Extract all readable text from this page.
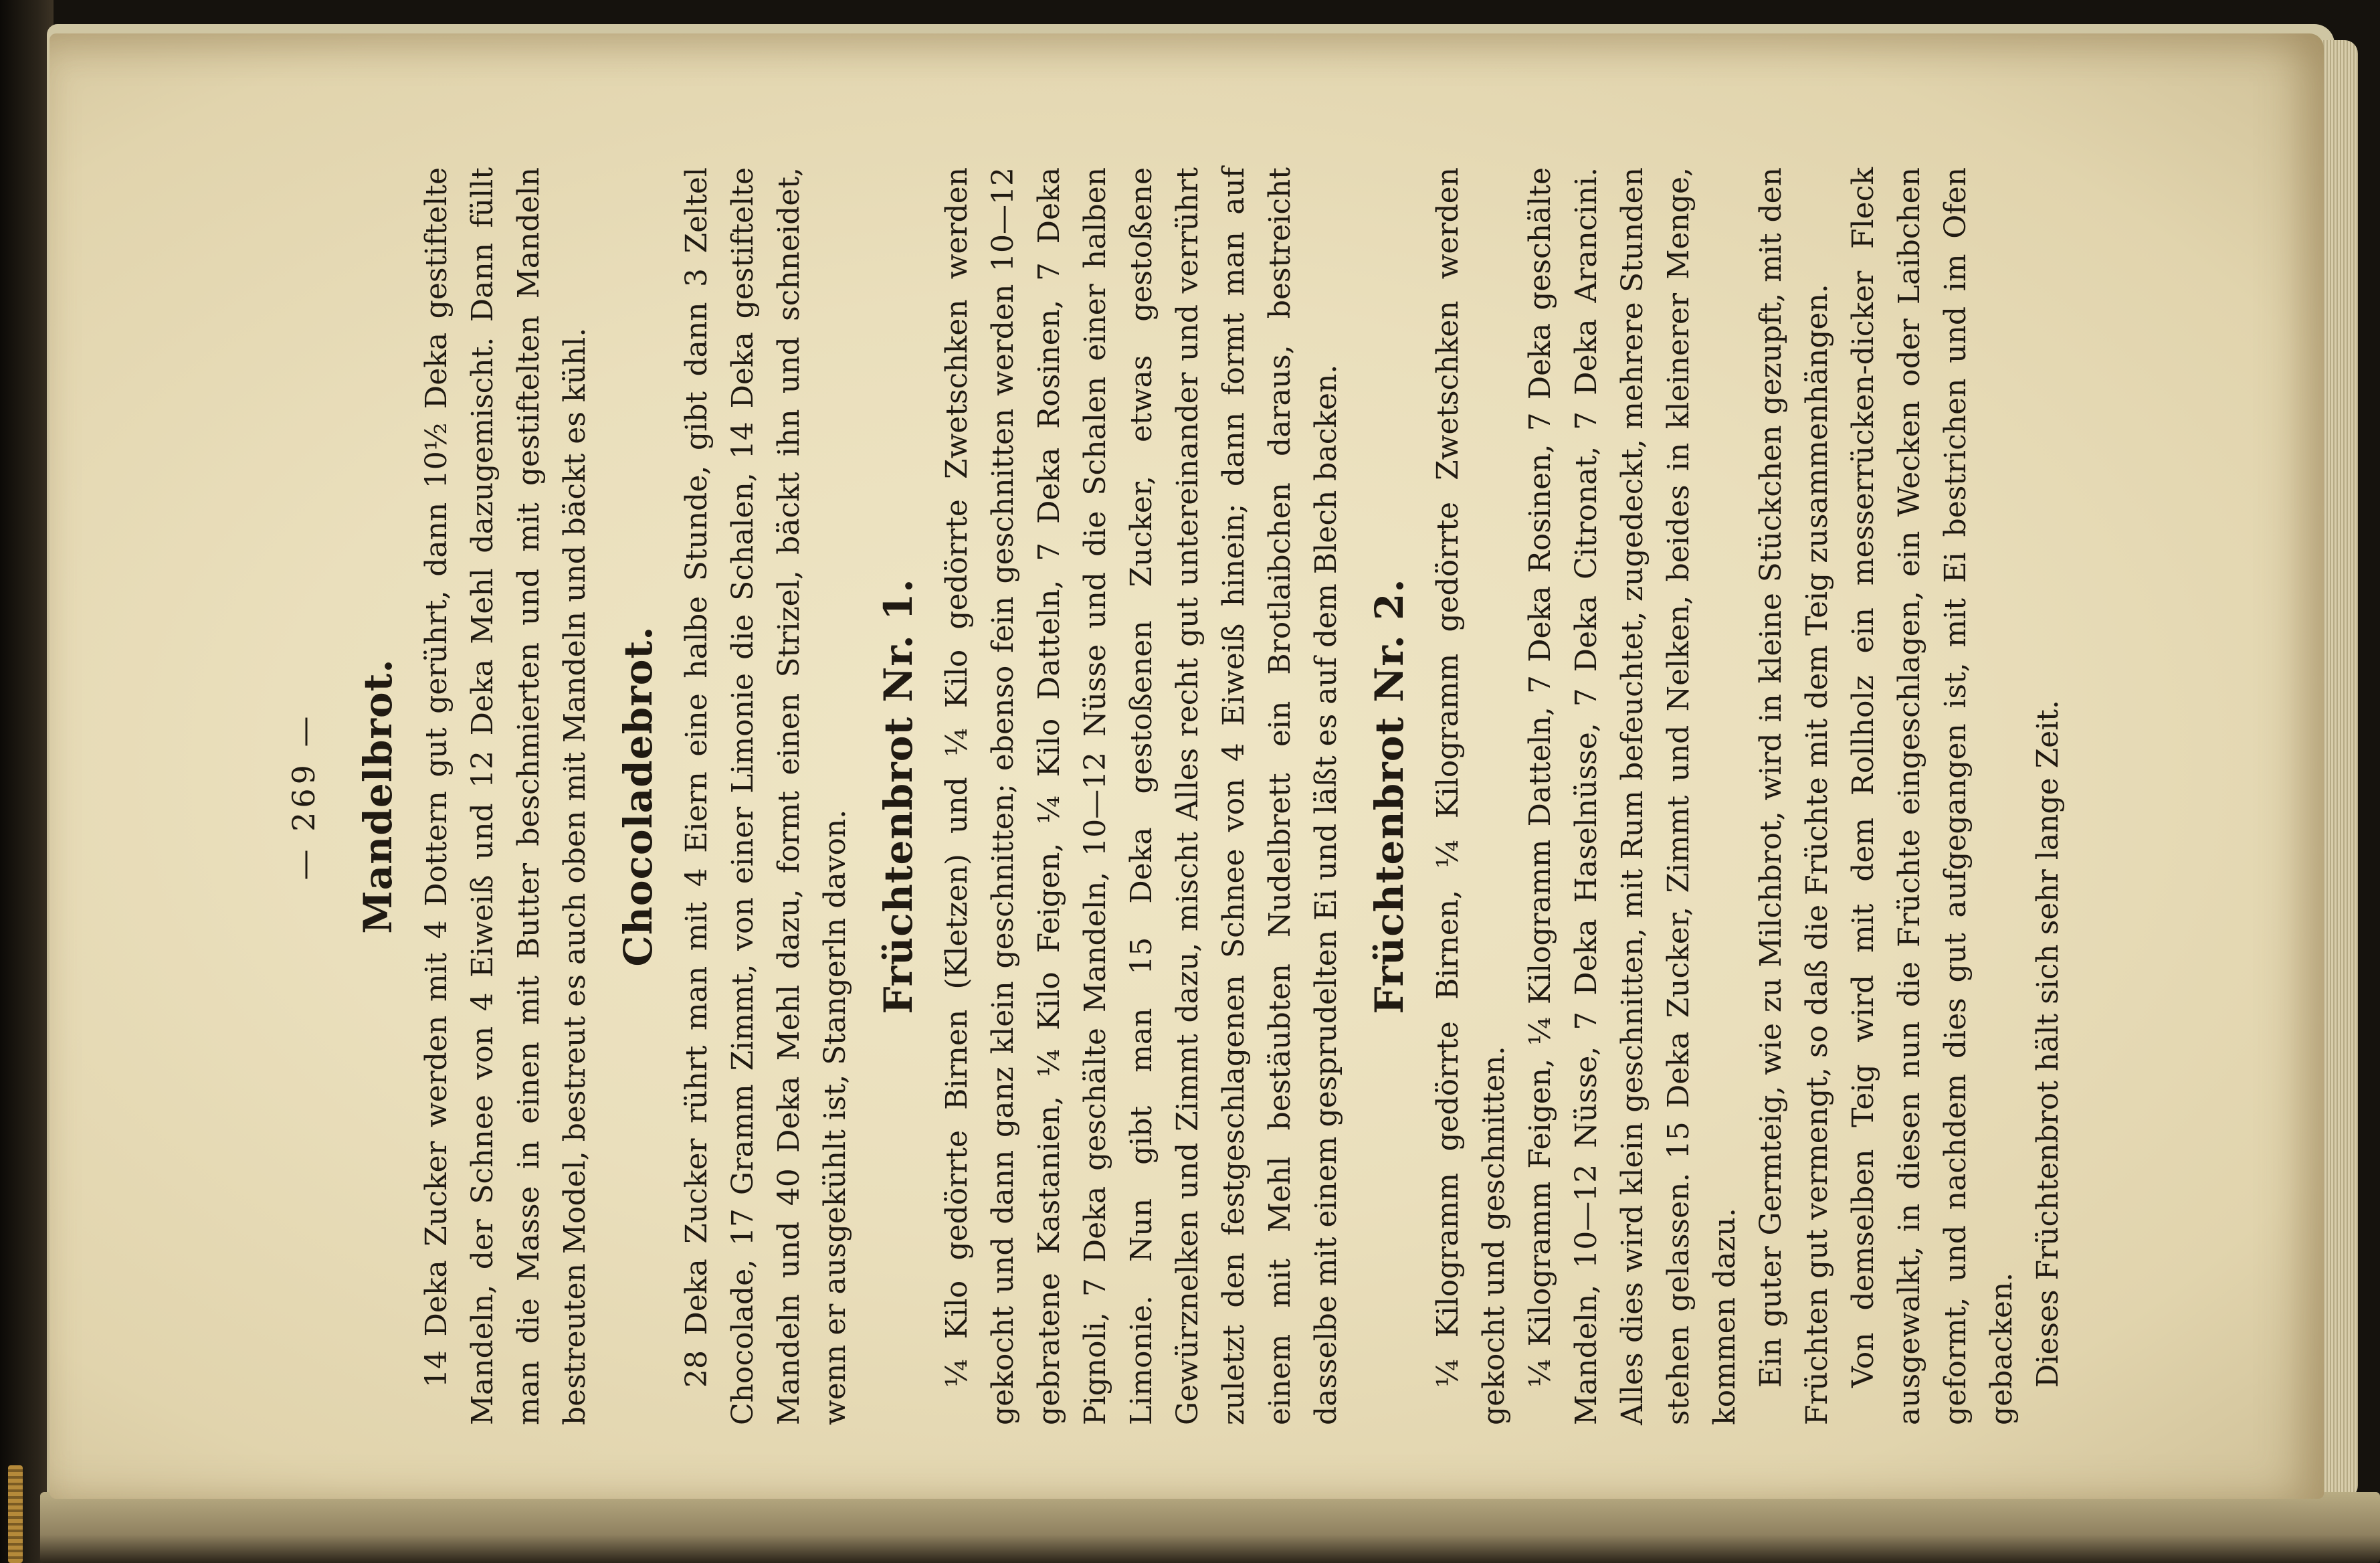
— 269 — Mandelbrot. 14 Deka Zucker werden mit 4 Dottern gut gerührt, dann 10½ Deka gestiftelte Mandeln, der Schnee von 4 Eiweiß und 12 Deka Mehl dazugemischt. Dann füllt man die Masse in einen mit Butter beschmierten und mit gestiftelten Mandeln bestreuten Model, bestreut es auch oben mit Mandeln und bäckt es kühl. Chocoladebrot. 28 Deka Zucker rührt man mit 4 Eiern eine halbe Stunde, gibt dann 3 Zeltel Chocolade, 17 Gramm Zimmt, von einer Limonie die Schalen, 14 Deka gestiftelte Mandeln und 40 Deka Mehl dazu, formt einen Strizel, bäckt ihn und schneidet, wenn er ausgekühlt ist, Stangerln davon.

Früchtenbrot Nr. 1. ¼ Kilo gedörrte Birnen (Kletzen) und ¼ Kilo gedörrte Zwetschken werden gekocht und dann ganz klein geschnitten; ebenso fein geschnitten werden 10—12 gebratene Kastanien, ¼ Kilo Feigen, ¼ Kilo Datteln, 7 Deka Rosinen, 7 Deka Pignoli, 7 Deka geschälte Mandeln, 10—12 Nüsse und die Schalen einer halben Limonie. Nun gibt man 15 Deka gestoßenen Zucker, etwas gestoßene Gewürznelken und Zimmt dazu, mischt Alles recht gut untereinander und verrührt zuletzt den festgeschlagenen Schnee von 4 Eiweiß hinein; dann formt man auf einem mit Mehl bestäubten Nudelbrett ein Brotlaibchen daraus, bestreicht dasselbe mit einem gesprudelten Ei und läßt es auf dem Blech backen. Früchtenbrot Nr. 2. ¼ Kilogramm gedörrte Birnen, ¼ Kilogramm gedörrte Zwetschken werden gekocht und geschnitten. ¼ Kilogramm Feigen, ¼ Kilogramm Datteln, 7 Deka Rosinen, 7 Deka geschälte Mandeln, 10—12 Nüsse, 7 Deka Haselnüsse, 7 Deka Citronat, 7 Deka Arancini. Alles dies wird klein geschnitten, mit Rum befeuchtet, zugedeckt, mehrere Stunden stehen gelassen. 15 Deka Zucker, Zimmt und Nelken, beides in kleinerer Menge, kommen dazu. Ein guter Germteig, wie zu Milchbrot, wird in kleine Stückchen gezupft, mit den Früchten gut vermengt, so daß die Früchte mit dem Teig zusammenhängen. Von demselben Teig wird mit dem Rollholz ein messerrücken-dicker Fleck ausgewalkt, in diesen nun die Früchte eingeschlagen, ein Wecken oder Laibchen geformt, und nachdem dies gut aufgegangen ist, mit Ei bestrichen und im Ofen gebacken. Dieses Früchtenbrot hält sich sehr lange Zeit.
